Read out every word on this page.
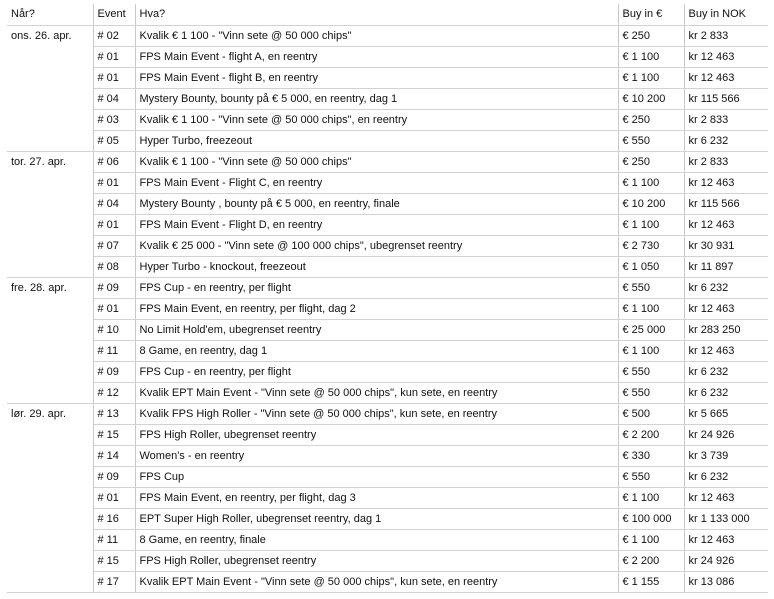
Når?	Event	Hva?	Buy in €	Buy in NOK
ons. 26. apr.	# 02	Kvalik € 1 100 - "Vinn sete @ 50 000 chips"	€ 250	kr 2 833
	# 01	FPS Main Event - flight A, en reentry	€ 1 100	kr 12 463
	# 01	FPS Main Event - flight B, en reentry	€ 1 100	kr 12 463
	# 04	Mystery Bounty, bounty på € 5 000, en reentry, dag 1	€ 10 200	kr 115 566
	# 03	Kvalik € 1 100 - "Vinn sete @ 50 000 chips", en reentry	€ 250	kr 2 833
	# 05	Hyper Turbo, freezeout	€ 550	kr 6 232
tor. 27. apr.	# 06	Kvalik € 1 100 - "Vinn sete @ 50 000 chips"	€ 250	kr 2 833
	# 01	FPS Main Event - Flight C, en reentry	€ 1 100	kr 12 463
	# 04	Mystery Bounty , bounty på € 5 000, en reentry, finale	€ 10 200	kr 115 566
	# 01	FPS Main Event - Flight D, en reentry	€ 1 100	kr 12 463
	# 07	Kvalik € 25 000 - "Vinn sete @ 100 000 chips", ubegrenset reentry	€ 2 730	kr 30 931
	# 08	Hyper Turbo - knockout, freezeout	€ 1 050	kr 11 897
fre. 28. apr.	# 09	FPS Cup - en reentry, per flight	€ 550	kr 6 232
	# 01	FPS Main Event, en reentry, per flight, dag 2	€ 1 100	kr 12 463
	# 10	No Limit Hold'em, ubegrenset reentry	€ 25 000	kr 283 250
	# 11	8 Game, en reentry, dag 1	€ 1 100	kr 12 463
	# 09	FPS Cup - en reentry, per flight	€ 550	kr 6 232
	# 12	Kvalik EPT Main Event - "Vinn sete @ 50 000 chips", kun sete, en reentry	€ 550	kr 6 232
lør. 29. apr.	# 13	Kvalik FPS High Roller - "Vinn sete @ 50 000 chips", kun sete, en reentry	€ 500	kr 5 665
	# 15	FPS High Roller, ubegrenset reentry	€ 2 200	kr 24 926
	# 14	Women's - en reentry	€ 330	kr 3 739
	# 09	FPS Cup	€ 550	kr 6 232
	# 01	FPS Main Event, en reentry, per flight, dag 3	€ 1 100	kr 12 463
	# 16	EPT Super High Roller, ubegrenset reentry, dag 1	€ 100 000	kr 1 133 000
	# 11	8 Game, en reentry, finale	€ 1 100	kr 12 463
	# 15	FPS High Roller, ubegrenset reentry	€ 2 200	kr 24 926
	# 17	Kvalik EPT Main Event - "Vinn sete @ 50 000 chips", kun sete, en reentry	€ 1 155	kr 13 086
